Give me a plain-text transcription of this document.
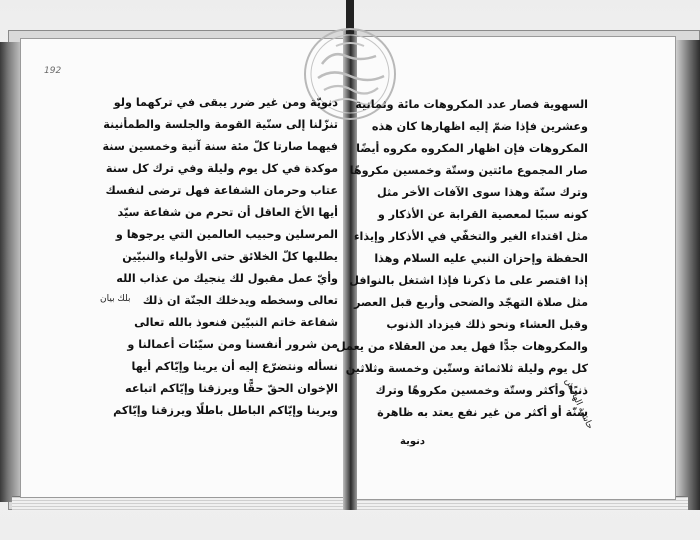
192
دنويّة ومن غير ضرر يبقى في تركهما ولو
تنزّلنا إلى سنّية القومة والجلسة والطمأنينة
فيهما صارتا كلّ مئة سنة آنية وخمسين سنة
موكدة في كل يوم وليلة وفي ترك كل سنة
عتاب وحرمان الشفاعة فهل ترضى لنفسك
أيها الأخ العاقل أن تحرم من شفاعة سيّد
المرسلين وحبيب العالمين التي يرجوها و
يطلبها كلّ الخلائق حتى الأولياء والنبيّين
وأيّ عمل مقبول لك ينجيك من عذاب الله
تعالى وسخطه ويدخلك الجنّة ان ذلك
شفاعة خاتم النبيّين فنعوذ بالله تعالى
من شرور أنفسنا ومن سيّئات أعمالنا و
نسأله ونتضرّع إليه أن يرينا وإيّاكم أيها
الإخوان الحقّ حقًّا ويرزقنا وإيّاكم اتباعه
ويرينا وإيّاكم الباطل باطلًا ويرزقنا وإيّاكم
بلك بيان
السهوية فصار عدد المكروهات مائة وثمانية
وعشرين فإذا ضمّ إليه اظهارها كان هذه
المكروهات فإن اظهار المكروه مكروه أيضًا
صار المجموع مائتين وستّة وخمسين مكروهًا
وترك سنّة وهذا سوى الآفات الأخر مثل
كونه سببًا لمعصية القرابة عن الأذكار و
مثل اقتداء الغير والتخفّي في الأذكار وإيذاء
الحفظة وإحزان النبي عليه السلام وهذا
إذا اقتصر على ما ذكرنا فإذا اشتغل بالنوافل
مثل صلاة التهجّد والضحى وأربع قبل العصر
وقبل العشاء ونحو ذلك فيزداد الذنوب
والمكروهات جدًّا فهل يعد من العقلاء من يعمل
كل يوم وليلة ثلاثمائة وستّين وخمسة وثلاثين
ذنبًا وأكثر وستّة وخمسين مكروهًا وترك
سنّة أو أكثر من غير نفع يعتد به ظاهرة
دنوية
حاشية الهامش
